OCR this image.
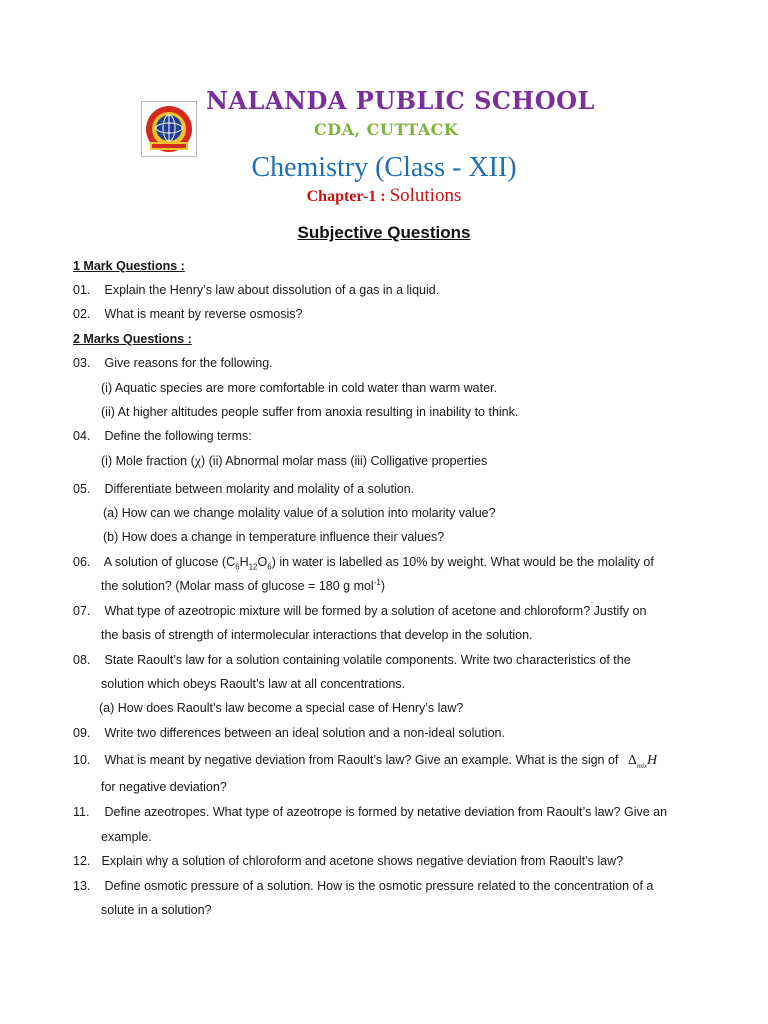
NALANDA PUBLIC SCHOOL
CDA, CUTTACK
Chemistry (Class - XII)
Chapter-1 : Solutions
Subjective Questions
1 Mark Questions :
01. Explain the Henry’s law about dissolution of a gas in a liquid.
02. What is meant by reverse osmosis?
2 Marks Questions :
03. Give reasons for the following.
(i) Aquatic species are more comfortable in cold water than warm water.
(ii) At higher altitudes people suffer from anoxia resulting in inability to think.
04. Define the following terms:
(i) Mole fraction (χ) (ii) Abnormal molar mass (iii) Colligative properties
05. Differentiate between molarity and molality of a solution.
(a) How can we change molality value of a solution into molarity value?
(b) How does a change in temperature influence their values?
06. A solution of glucose $(C_6H_{12}O_6)$ in water is labelled as 10% by weight. What would be the molality of
the solution? (Molar mass of glucose = 180 g mol$^{-1}$)
07. What type of azeotropic mixture will be formed by a solution of acetone and chloroform? Justify on
the basis of strength of intermolecular interactions that develop in the solution.
08. State Raoult’s law for a solution containing volatile components. Write two characteristics of the
solution which obeys Raoult’s law at all concentrations.
(a) How does Raoult’s law become a special case of Henry’s law?
09. Write two differences between an ideal solution and a non-ideal solution.
10. What is meant by negative deviation from Raoult’s law? Give an example. What is the sign of $\Delta_{mix}H$
for negative deviation?
11. Define azeotropes. What type of azeotrope is formed by netative deviation from Raoult’s law? Give an
example.
12. Explain why a solution of chloroform and acetone shows negative deviation from Raoult’s law?
13. Define osmotic pressure of a solution. How is the osmotic pressure related to the concentration of a
solute in a solution?
